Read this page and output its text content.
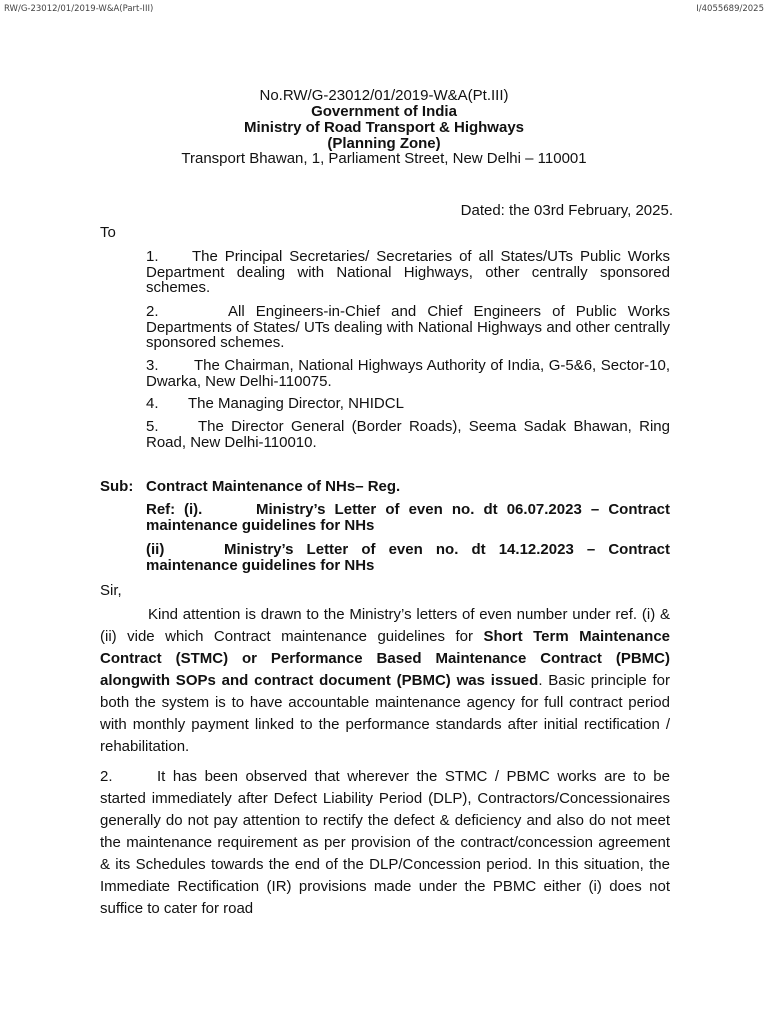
RW/G-23012/01/2019-W&A(Part-III)	I/4055689/2025
No.RW/G-23012/01/2019-W&A(Pt.III)
Government of India
Ministry of Road Transport & Highways
(Planning Zone)
Transport Bhawan, 1, Parliament Street, New Delhi – 110001
Dated: the 03rd February, 2025.
To
1. The Principal Secretaries/ Secretaries of all States/UTs Public Works Department dealing with National Highways, other centrally sponsored schemes.
2.	All Engineers-in-Chief and Chief Engineers of Public Works Departments of States/ UTs dealing with National Highways and other centrally sponsored schemes.
3. The Chairman, National Highways Authority of India, G-5&6, Sector-10, Dwarka, New Delhi-110075.
4. The Managing Director, NHIDCL
5.	The Director General (Border Roads), Seema Sadak Bhawan, Ring Road, New Delhi-110010.
Sub: Contract Maintenance of NHs– Reg.
Ref: (i).	Ministry’s Letter of even no. dt 06.07.2023 – Contract maintenance guidelines for NHs
(ii)	Ministry’s Letter of even no. dt 14.12.2023 – Contract maintenance guidelines for NHs
Sir,
Kind attention is drawn to the Ministry’s letters of even number under ref. (i) & (ii) vide which Contract maintenance guidelines for Short Term Maintenance Contract (STMC) or Performance Based Maintenance Contract (PBMC) alongwith SOPs and contract document (PBMC) was issued. Basic principle for both the system is to have accountable maintenance agency for full contract period with monthly payment linked to the performance standards after initial rectification / rehabilitation.
2.	It has been observed that wherever the STMC / PBMC works are to be started immediately after Defect Liability Period (DLP), Contractors/Concessionaires generally do not pay attention to rectify the defect & deficiency and also do not meet the maintenance requirement as per provision of the contract/concession agreement & its Schedules towards the end of the DLP/Concession period. In this situation, the Immediate Rectification (IR) provisions made under the PBMC either (i) does not suffice to cater for road
